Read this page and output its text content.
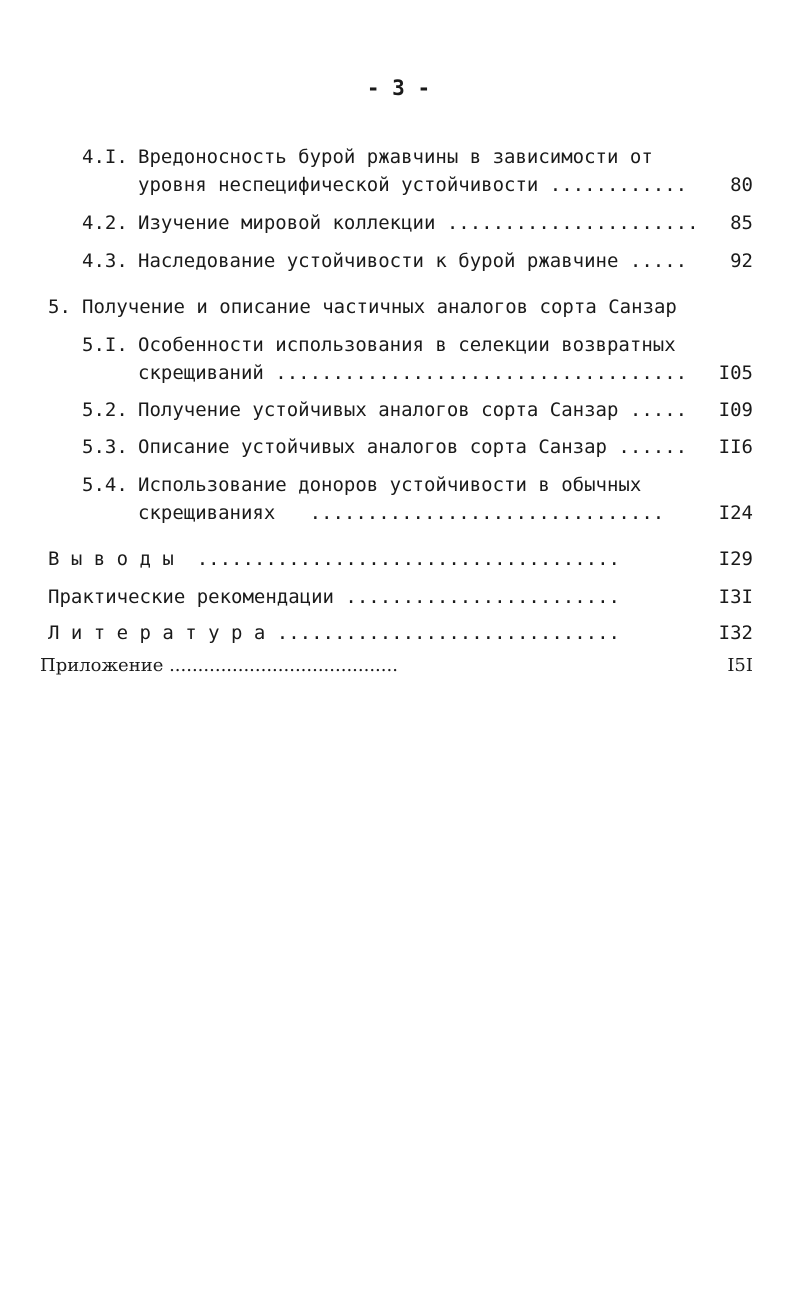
- 3 -
4.I. Вредоносность бурой ржавчины в зависимости от
уровня неспецифической устойчивости ............	80
4.2. Изучение мировой коллекции ......................	85
4.3. Наследование устойчивости к бурой ржавчине .....	92
5. Получение и описание частичных аналогов сорта Санзар
5.I. Особенности использования в селекции возвратных
скрещиваний ....................................	I05
5.2. Получение устойчивых аналогов сорта Санзар .....	I09
5.3. Описание устойчивых аналогов сорта Санзар ......	II6
5.4. Использование доноров устойчивости в обычных
скрещиваниях   ...............................	I24
В ы в о д ы  .....................................	I29
Практические рекомендации ........................	I3I
Л и т е р а т у р а ..............................	I32
Приложение ........................................	I5I
